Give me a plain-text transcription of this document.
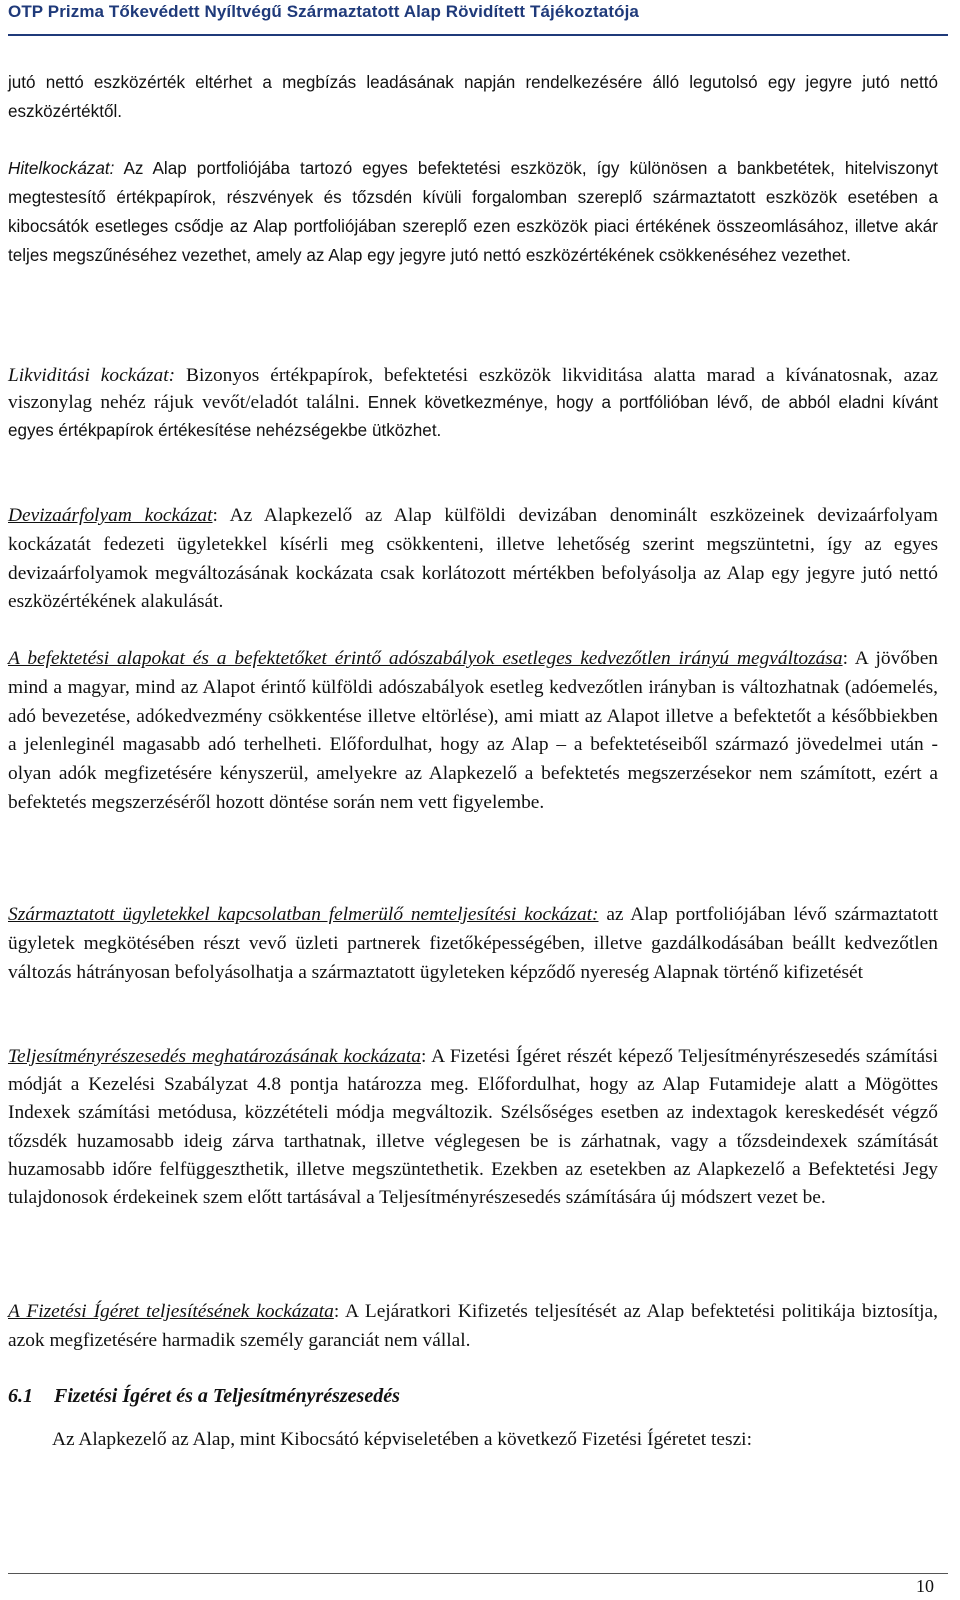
OTP Prizma Tőkevédett Nyíltvégű Származtatott Alap Rövidített Tájékoztatója
jutó nettó eszközérték eltérhet a megbízás leadásának napján rendelkezésére álló legutolsó egy jegyre jutó nettó eszközértéktől.
Hitelkockázat: Az Alap portfoliójába tartozó egyes befektetési eszközök, így különösen a bankbetétek, hitelviszonyt megtestesítő értékpapírok, részvények és tőzsdén kívüli forgalomban szereplő származtatott eszközök esetében a kibocsátók esetleges csődje az Alap portfoliójában szereplő ezen eszközök piaci értékének összeomlásához, illetve akár teljes megszűnéséhez vezethet, amely az Alap egy jegyre jutó nettó eszközértékének csökkenéséhez vezethet.
Likviditási kockázat: Bizonyos értékpapírok, befektetési eszközök likviditása alatta marad a kívánatosnak, azaz viszonylag nehéz rájuk vevőt/eladót találni. Ennek következménye, hogy a portfólióban lévő, de abból eladni kívánt egyes értékpapírok értékesítése nehézségekbe ütközhet.
Devizaárfolyam kockázat: Az Alapkezelő az Alap külföldi devizában denominált eszközeinek devizaárfolyam kockázatát fedezeti ügyletekkel kísérli meg csökkenteni, illetve lehetőség szerint megszüntetni, így az egyes devizaárfolyamok megváltozásának kockázata csak korlátozott mértékben befolyásolja az Alap egy jegyre jutó nettó eszközértékének alakulását.
A befektetési alapokat és a befektetőket érintő adószabályok esetleges kedvezőtlen irányú megváltozása: A jövőben mind a magyar, mind az Alapot érintő külföldi adószabályok esetleg kedvezőtlen irányban is változhatnak (adóemelés, adó bevezetése, adókedvezmény csökkentése illetve eltörlése), ami miatt az Alapot illetve a befektetőt a későbbiekben a jelenleginél magasabb adó terhelheti. Előfordulhat, hogy az Alap – a befektetéseiből származó jövedelmei után - olyan adók megfizetésére kényszerül, amelyekre az Alapkezelő a befektetés megszerzésekor nem számított, ezért a befektetés megszerzéséről hozott döntése során nem vett figyelembe.
Származtatott ügyletekkel kapcsolatban felmerülő nemteljesítési kockázat: az Alap portfoliójában lévő származtatott ügyletek megkötésében részt vevő üzleti partnerek fizetőképességében, illetve gazdálkodásában beállt kedvezőtlen változás hátrányosan befolyásolhatja a származtatott ügyleteken képződő nyereség Alapnak történő kifizetését
Teljesítményrészesedés meghatározásának kockázata: A Fizetési Ígéret részét képező Teljesítményrészesedés számítási módját a Kezelési Szabályzat 4.8 pontja határozza meg. Előfordulhat, hogy az Alap Futamideje alatt a Mögöttes Indexek számítási metódusa, közzétételi módja megváltozik. Szélsőséges esetben az indextagok kereskedését végző tőzsdék huzamosabb ideig zárva tarthatnak, illetve véglegesen be is zárhatnak, vagy a tőzsdeindexek számítását huzamosabb időre felfüggeszthetik, illetve megszüntethetik. Ezekben az esetekben az Alapkezelő a Befektetési Jegy tulajdonosok érdekeinek szem előtt tartásával a Teljesítményrészesedés számítására új módszert vezet be.
A Fizetési Ígéret teljesítésének kockázata: A Lejáratkori Kifizetés teljesítését az Alap befektetési politikája biztosítja, azok megfizetésére harmadik személy garanciát nem vállal.
6.1 Fizetési Ígéret és a Teljesítményrészesedés
Az Alapkezelő az Alap, mint Kibocsátó képviseletében a következő Fizetési Ígéretet teszi:
10
